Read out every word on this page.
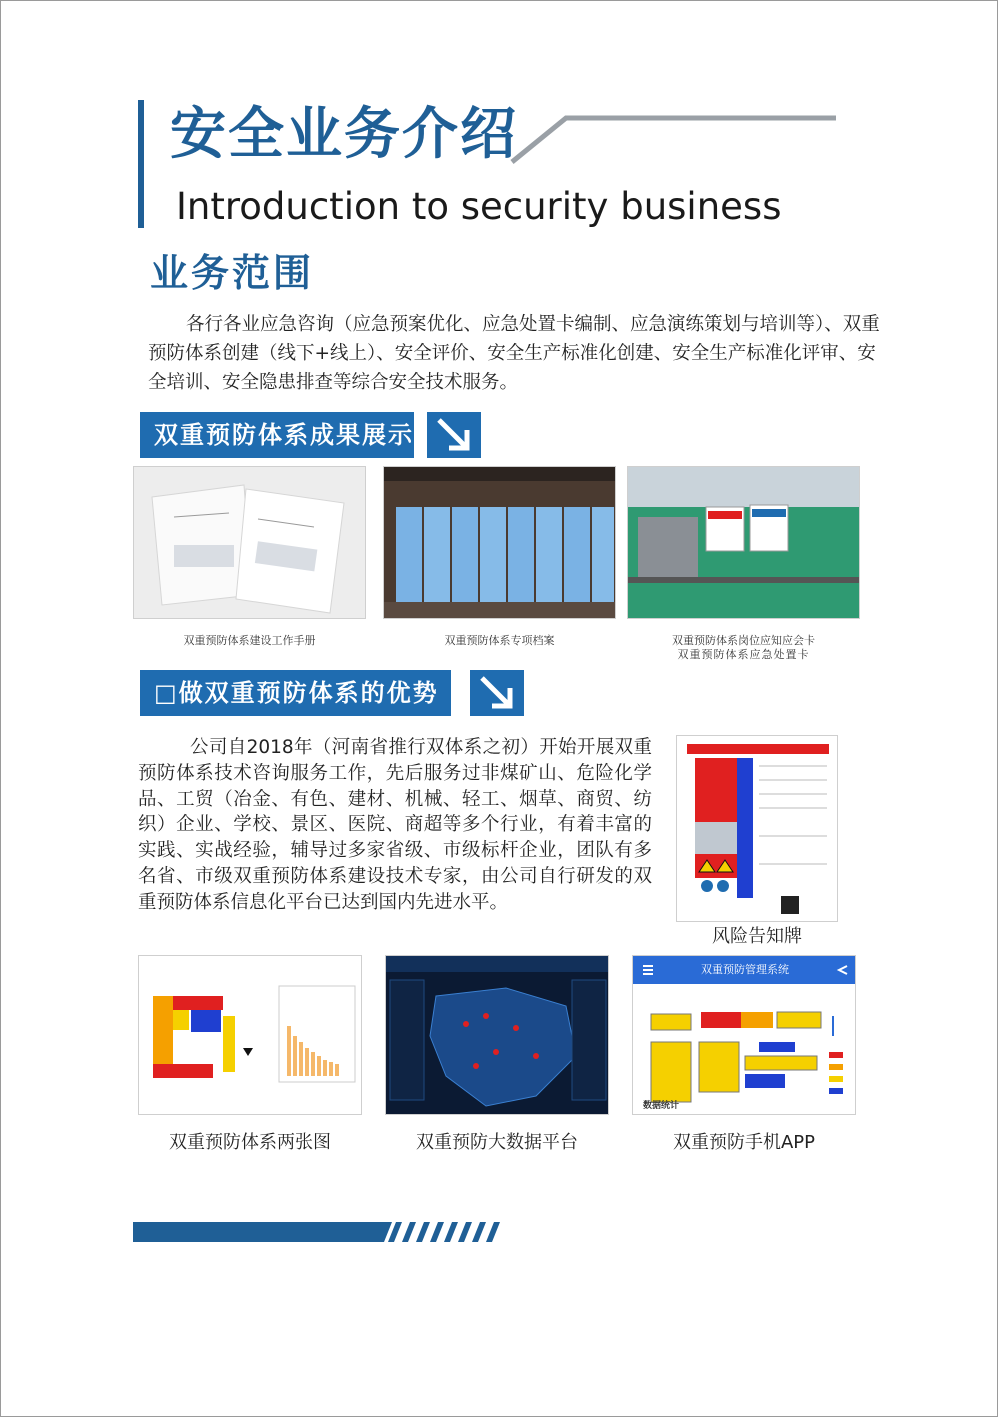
安全业务介绍
Introduction to security business
业务范围
各行各业应急咨询（应急预案优化、应急处置卡编制、应急演练策划与培训等）、双重预防体系创建（线下+线上）、安全评价、安全生产标准化创建、安全生产标准化评审、安全培训、安全隐患排查等综合安全技术服务。
双重预防体系成果展示
双重预防体系建设工作手册	双重预防体系专项档案	双重预防体系岗位应知应会卡
双重预防体系应急处置卡
□做双重预防体系的优势
公司自2018年（河南省推行双体系之初）开始开展双重预防体系技术咨询服务工作，先后服务过非煤矿山、危险化学品、工贸（冶金、有色、建材、机械、轻工、烟草、商贸、纺织）企业、学校、景区、医院、商超等多个行业，有着丰富的实践、实战经验，辅导过多家省级、市级标杆企业，团队有多名省、市级双重预防体系建设技术专家，由公司自行研发的双重预防体系信息化平台已达到国内先进水平。
风险告知牌
双重预防管理系统
数据统计
双重预防体系两张图	双重预防大数据平台	双重预防手机APP
